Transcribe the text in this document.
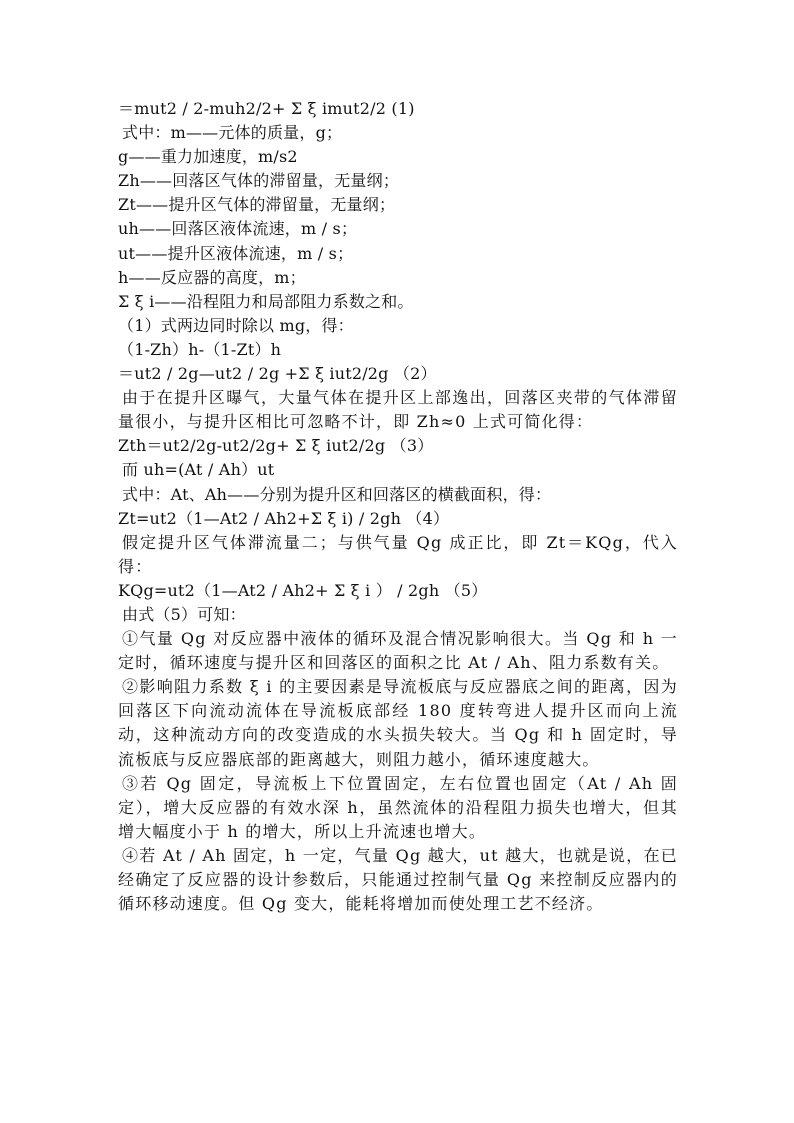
＝mut2 / 2-muh2/2+ Σ ξ imut2/2 (1)
式中：m——元体的质量，g；
g——重力加速度，m/s2
Zh——回落区气体的滞留量，无量纲；
Zt——提升区气体的滞留量，无量纲；
uh——回落区液体流速，m / s；
ut——提升区液体流速，m / s；
h——反应器的高度，m；
Σ ξ i——沿程阻力和局部阻力系数之和。
（1）式两边同时除以 mg，得：
（1-Zh）h-（1-Zt）h
＝ut2 / 2g—ut2 / 2g +Σ ξ iut2/2g （2）
由于在提升区曝气，大量气体在提升区上部逸出，回落区夹带的气体滞留量很小，与提升区相比可忽略不计，即 Zh≈0 上式可简化得：
Zth＝ut2/2g-ut2/2g+ Σ ξ iut2/2g （3）
而 uh=(At / Ah）ut
式中：At、Ah——分别为提升区和回落区的横截面积，得：
Zt=ut2（1—At2 / Ah2+Σ ξ i) / 2gh （4）
假定提升区气体滞流量二；与供气量 Qg 成正比，即 Zt＝KQg，代入得：
KQg=ut2（1—At2 / Ah2+ Σ ξ i ） / 2gh （5）
由式（5）可知：
①气量 Qg 对反应器中液体的循环及混合情况影响很大。当 Qg 和 h 一定时，循环速度与提升区和回落区的面积之比 At / Ah、阻力系数有关。
②影响阻力系数 ξ i 的主要因素是导流板底与反应器底之间的距离，因为回落区下向流动流体在导流板底部经 180 度转弯进人提升区而向上流动，这种流动方向的改变造成的水头损失较大。当 Qg 和 h 固定时，导流板底与反应器底部的距离越大，则阻力越小，循环速度越大。
③若 Qg 固定，导流板上下位置固定，左右位置也固定（At / Ah 固定），增大反应器的有效水深 h，虽然流体的沿程阻力损失也增大，但其增大幅度小于 h 的增大，所以上升流速也增大。
④若 At / Ah 固定，h 一定，气量 Qg 越大，ut 越大，也就是说，在已经确定了反应器的设计参数后，只能通过控制气量 Qg 来控制反应器内的循环移动速度。但 Qg 变大，能耗将增加而使处理工艺不经济。
